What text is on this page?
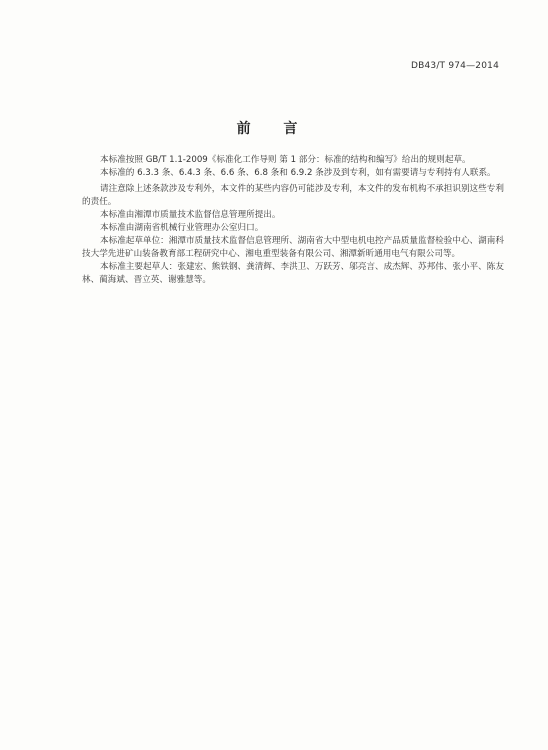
DB43/T 974—2014
前 言

本标准按照 GB/T 1.1-2009《标准化工作导则 第 1 部分：标准的结构和编写》给出的规则起草。

本标准的 6.3.3 条、6.4.3 条、6.6 条、6.8 条和 6.9.2 条涉及到专利，如有需要请与专利持有人联系。

请注意除上述条款涉及专利外，本文件的某些内容仍可能涉及专利，本文件的发布机构不承担识别这些专利的责任。

本标准由湘潭市质量技术监督信息管理所提出。

本标准由湖南省机械行业管理办公室归口。

本标准起草单位：湘潭市质量技术监督信息管理所、湖南省大中型电机电控产品质量监督检验中心、湖南科技大学先进矿山装备教育部工程研究中心、湘电重型装备有限公司、湘潭新昕通用电气有限公司等。

本标准主要起草人：张建宏、熊铁钢、龚清辉、李洪卫、万跃芳、邬亮言、成杰辉、苏邦伟、张小平、陈友林、蔺海斌、晋立英、谢雅慧等。
